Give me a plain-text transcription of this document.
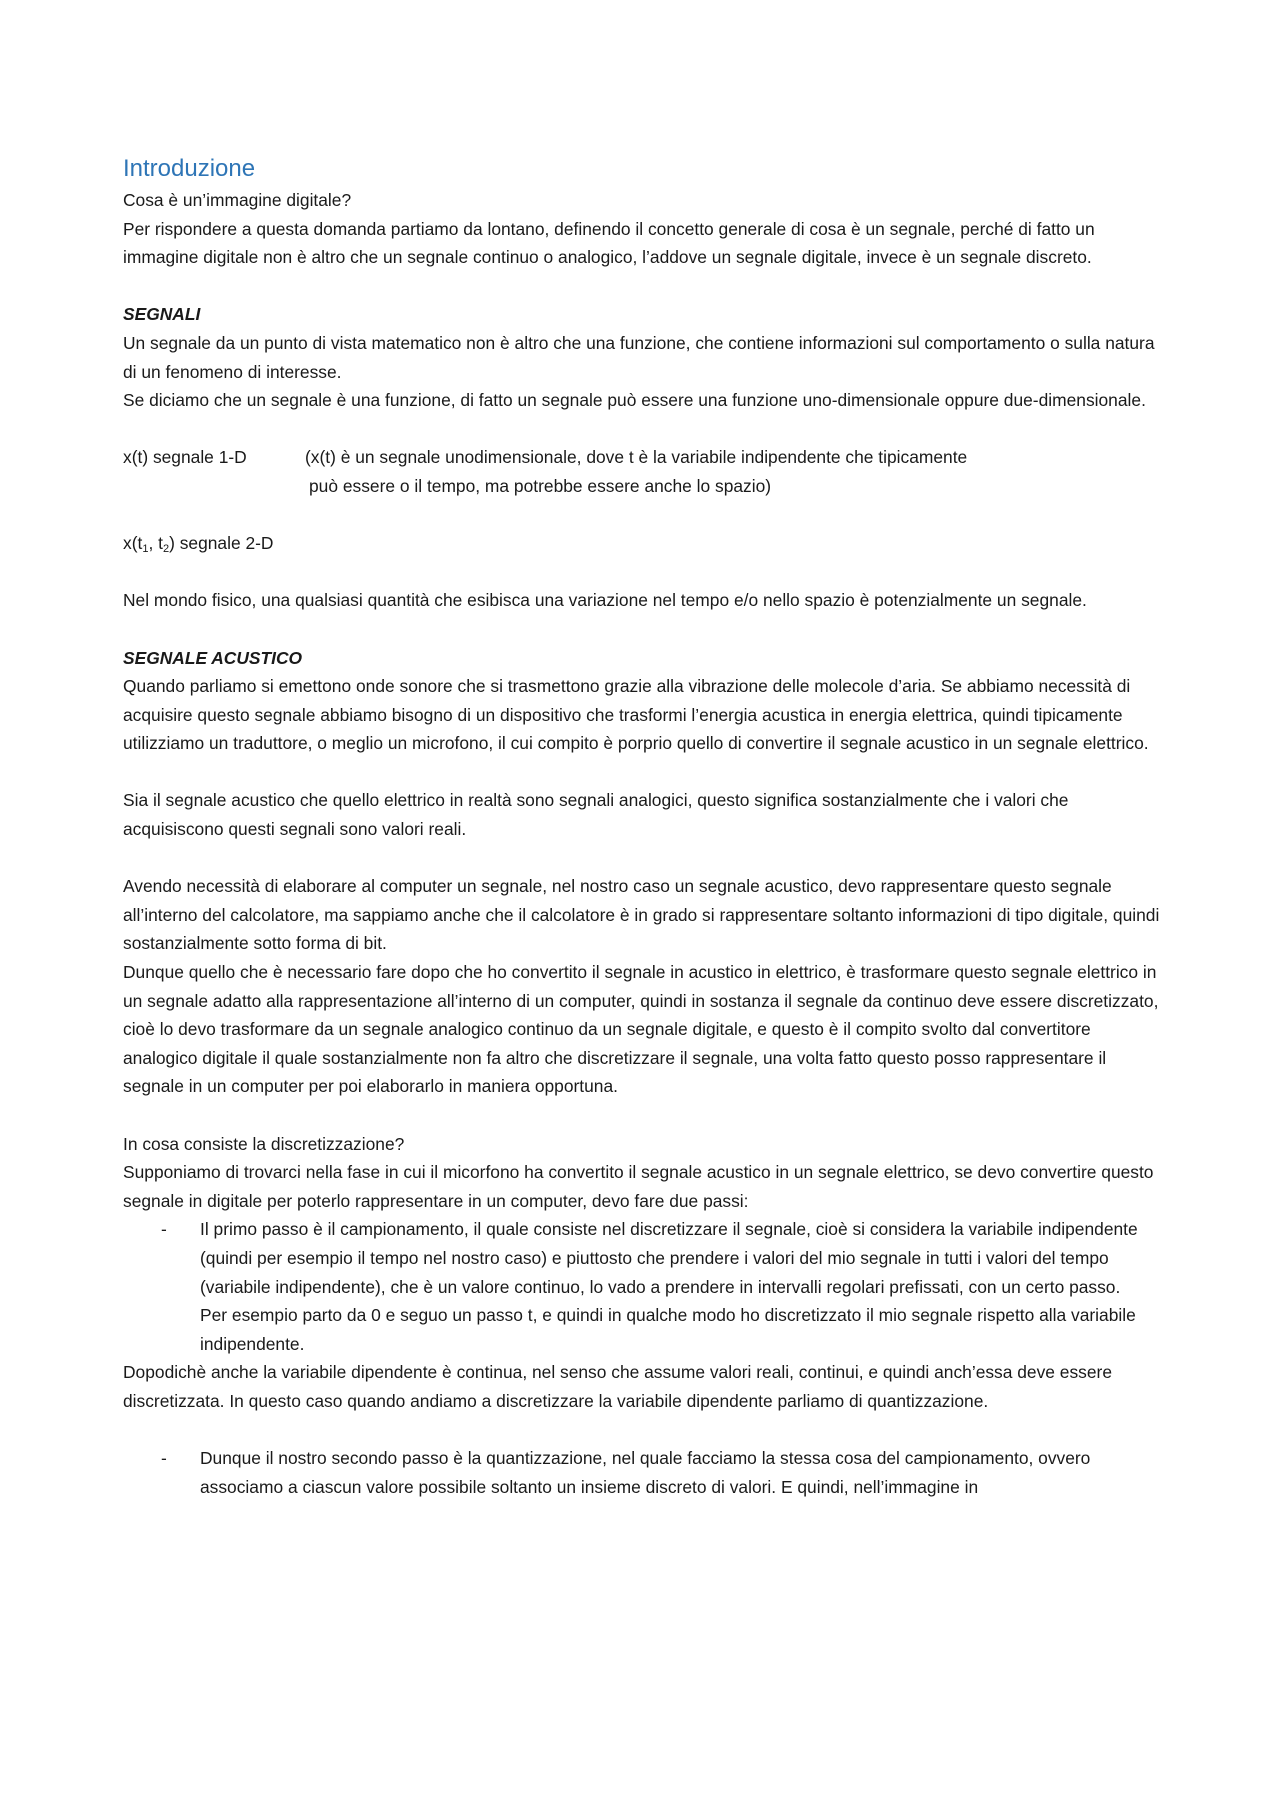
Introduzione

Cosa è un’immagine digitale?

Per rispondere a questa domanda partiamo da lontano, definendo il concetto generale di cosa è un segnale, perché di fatto un immagine digitale non è altro che un segnale continuo o analogico, l’addove un segnale digitale, invece è un segnale discreto.

SEGNALI

Un segnale da un punto di vista matematico non è altro che una funzione, che contiene informazioni sul comportamento o sulla natura di un fenomeno di interesse.

Se diciamo che un segnale è una funzione, di fatto un segnale può essere una funzione uno-dimensionale oppure due-dimensionale.

x(t) segnale 1-D	(x(t) è un segnale unodimensionale, dove t è la variabile indipendente che tipicamente
può essere o il tempo, ma potrebbe essere anche lo spazio)

$x(t_1$, $t_2$) segnale 2-D

Nel mondo fisico, una qualsiasi quantità che esibisca una variazione nel tempo e/o nello spazio è potenzialmente un segnale.

SEGNALE ACUSTICO

Quando parliamo si emettono onde sonore che si trasmettono grazie alla vibrazione delle molecole d’aria. Se abbiamo necessità di acquisire questo segnale abbiamo bisogno di un dispositivo che trasformi l’energia acustica in energia elettrica, quindi tipicamente utilizziamo un traduttore, o meglio un microfono, il cui compito è porprio quello di convertire il segnale acustico in un segnale elettrico.

Sia il segnale acustico che quello elettrico in realtà sono segnali analogici, questo significa sostanzialmente che i valori che acquisiscono questi segnali sono valori reali.

Avendo necessità di elaborare al computer un segnale, nel nostro caso un segnale acustico, devo rappresentare questo segnale all’interno del calcolatore, ma sappiamo anche che il calcolatore è in grado si rappresentare soltanto informazioni di tipo digitale, quindi sostanzialmente sotto forma di bit.

Dunque quello che è necessario fare dopo che ho convertito il segnale in acustico in elettrico, è trasformare questo segnale elettrico in un segnale adatto alla rappresentazione all’interno di un computer, quindi in sostanza il segnale da continuo deve essere discretizzato, cioè lo devo trasformare da un segnale analogico continuo da un segnale digitale, e questo è il compito svolto dal convertitore analogico digitale il quale sostanzialmente non fa altro che discretizzare il segnale, una volta fatto questo posso rappresentare il segnale in un computer per poi elaborarlo in maniera opportuna.

In cosa consiste la discretizzazione?

Supponiamo di trovarci nella fase in cui il micorfono ha convertito il segnale acustico in un segnale elettrico, se devo convertire questo segnale in digitale per poterlo rappresentare in un computer, devo fare due passi:

- Il primo passo è il campionamento, il quale consiste nel discretizzare il segnale, cioè si considera la variabile indipendente (quindi per esempio il tempo nel nostro caso) e piuttosto che prendere i valori del mio segnale in tutti i valori del tempo (variabile indipendente), che è un valore continuo, lo vado a prendere in intervalli regolari prefissati, con un certo passo.
Per esempio parto da 0 e seguo un passo t, e quindi in qualche modo ho discretizzato il mio segnale rispetto alla variabile indipendente.

Dopodichè anche la variabile dipendente è continua, nel senso che assume valori reali, continui, e quindi anch’essa deve essere discretizzata. In questo caso quando andiamo a discretizzare la variabile dipendente parliamo di quantizzazione.

- Dunque il nostro secondo passo è la quantizzazione, nel quale facciamo la stessa cosa del campionamento, ovvero associamo a ciascun valore possibile soltanto un insieme discreto di valori. E quindi, nell’immagine in
